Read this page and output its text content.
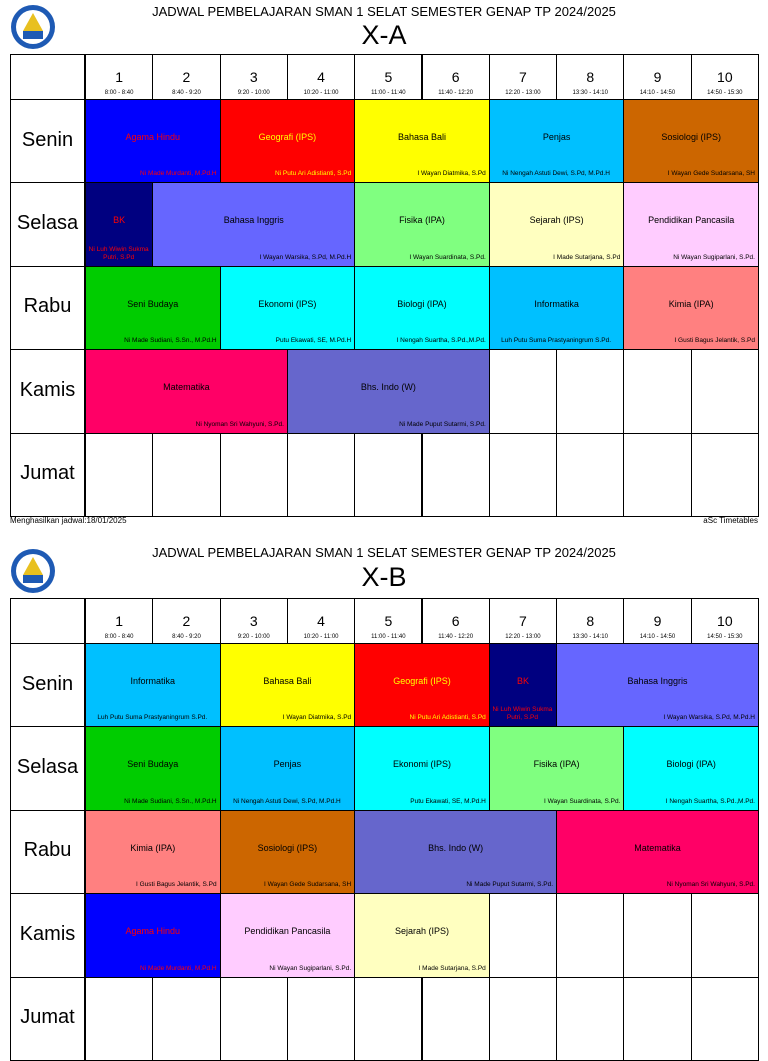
JADWAL PEMBELAJARAN SMAN 1 SELAT SEMESTER GENAP TP 2024/2025
X-A
1
8:00 - 8:40
2
8:40 - 9:20
3
9:20 - 10:00
4
10:20 - 11:00
5
11:00 - 11:40
6
11:40 - 12:20
7
12:20 - 13:00
8
13:30 - 14:10
9
14:10 - 14:50
10
14:50 - 15:30
Senin
Selasa
Rabu
Kamis
Jumat
Agama Hindu
Ni Made Murdanti, M.Pd.H
Geografi (IPS)
Ni Putu Ari Adistianti, S.Pd
Bahasa Bali
I Wayan Diatmika, S.Pd
Penjas
Ni Nengah Astuti Dewi, S.Pd, M.Pd.H
Sosiologi (IPS)
I Wayan Gede Sudarsana, SH
BK
Ni Luh Wiwin Sukma Putri, S.Pd
Bahasa Inggris
I Wayan Warsika, S.Pd, M.Pd.H
Fisika (IPA)
I Wayan Suardinata, S.Pd.
Sejarah (IPS)
I Made Sutarjana, S.Pd
Pendidikan Pancasila
Ni Wayan Sugiparlani, S.Pd.
Seni Budaya
Ni Made Sudiani, S.Sn., M.Pd.H
Ekonomi (IPS)
Putu Ekawati, SE, M.Pd.H
Biologi (IPA)
I Nengah Suartha, S.Pd.,M.Pd.
Informatika
Luh Putu Suma Prastyaningrum S.Pd.
Kimia (IPA)
I Gusti Bagus Jelantik, S.Pd
Matematika
Ni Nyoman Sri Wahyuni, S.Pd.
Bhs. Indo (W)
Ni Made Puput Sutarmi, S.Pd.
Menghasilkan jadwal:18/01/2025	aSc Timetables
JADWAL PEMBELAJARAN SMAN 1 SELAT SEMESTER GENAP TP 2024/2025
X-B
1
8:00 - 8:40
2
8:40 - 9:20
3
9:20 - 10:00
4
10:20 - 11:00
5
11:00 - 11:40
6
11:40 - 12:20
7
12:20 - 13:00
8
13:30 - 14:10
9
14:10 - 14:50
10
14:50 - 15:30
Senin
Selasa
Rabu
Kamis
Jumat
Informatika
Luh Putu Suma Prastyaningrum S.Pd.
Bahasa Bali
I Wayan Diatmika, S.Pd
Geografi (IPS)
Ni Putu Ari Adistianti, S.Pd
BK
Ni Luh Wiwin Sukma Putri, S.Pd
Bahasa Inggris
I Wayan Warsika, S.Pd, M.Pd.H
Seni Budaya
Ni Made Sudiani, S.Sn., M.Pd.H
Penjas
Ni Nengah Astuti Dewi, S.Pd, M.Pd.H
Ekonomi (IPS)
Putu Ekawati, SE, M.Pd.H
Fisika (IPA)
I Wayan Suardinata, S.Pd.
Biologi (IPA)
I Nengah Suartha, S.Pd.,M.Pd.
Kimia (IPA)
I Gusti Bagus Jelantik, S.Pd
Sosiologi (IPS)
I Wayan Gede Sudarsana, SH
Bhs. Indo (W)
Ni Made Puput Sutarmi, S.Pd.
Matematika
Ni Nyoman Sri Wahyuni, S.Pd.
Agama Hindu
Ni Made Murdanti, M.Pd.H
Pendidikan Pancasila
Ni Wayan Sugiparlani, S.Pd.
Sejarah (IPS)
I Made Sutarjana, S.Pd
